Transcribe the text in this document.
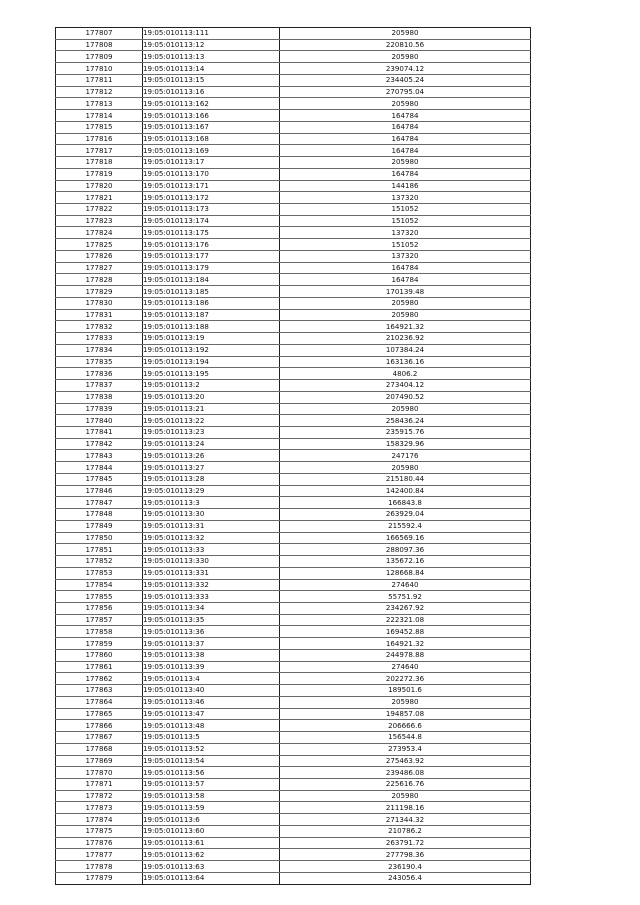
177807	19:05:010113:111	205980
177808	19:05:010113:12	220810.56
177809	19:05:010113:13	205980
177810	19:05:010113:14	239074.12
177811	19:05:010113:15	234405.24
177812	19:05:010113:16	270795.04
177813	19:05:010113:162	205980
177814	19:05:010113:166	164784
177815	19:05:010113:167	164784
177816	19:05:010113:168	164784
177817	19:05:010113:169	164784
177818	19:05:010113:17	205980
177819	19:05:010113:170	164784
177820	19:05:010113:171	144186
177821	19:05:010113:172	137320
177822	19:05:010113:173	151052
177823	19:05:010113:174	151052
177824	19:05:010113:175	137320
177825	19:05:010113:176	151052
177826	19:05:010113:177	137320
177827	19:05:010113:179	164784
177828	19:05:010113:184	164784
177829	19:05:010113:185	170139.48
177830	19:05:010113:186	205980
177831	19:05:010113:187	205980
177832	19:05:010113:188	164921.32
177833	19:05:010113:19	210236.92
177834	19:05:010113:192	107384.24
177835	19:05:010113:194	163136.16
177836	19:05:010113:195	4806.2
177837	19:05:010113:2	273404.12
177838	19:05:010113:20	207490.52
177839	19:05:010113:21	205980
177840	19:05:010113:22	258436.24
177841	19:05:010113:23	235915.76
177842	19:05:010113:24	158329.96
177843	19:05:010113:26	247176
177844	19:05:010113:27	205980
177845	19:05:010113:28	215180.44
177846	19:05:010113:29	142400.84
177847	19:05:010113:3	166843.8
177848	19:05:010113:30	263929.04
177849	19:05:010113:31	215592.4
177850	19:05:010113:32	166569.16
177851	19:05:010113:33	288097.36
177852	19:05:010113:330	135672.16
177853	19:05:010113:331	128668.84
177854	19:05:010113:332	274640
177855	19:05:010113:333	55751.92
177856	19:05:010113:34	234267.92
177857	19:05:010113:35	222321.08
177858	19:05:010113:36	169452.88
177859	19:05:010113:37	164921.32
177860	19:05:010113:38	244978.88
177861	19:05:010113:39	274640
177862	19:05:010113:4	202272.36
177863	19:05:010113:40	189501.6
177864	19:05:010113:46	205980
177865	19:05:010113:47	194857.08
177866	19:05:010113:48	206666.6
177867	19:05:010113:5	156544.8
177868	19:05:010113:52	273953.4
177869	19:05:010113:54	275463.92
177870	19:05:010113:56	239486.08
177871	19:05:010113:57	225616.76
177872	19:05:010113:58	205980
177873	19:05:010113:59	211198.16
177874	19:05:010113:6	271344.32
177875	19:05:010113:60	210786.2
177876	19:05:010113:61	263791.72
177877	19:05:010113:62	277798.36
177878	19:05:010113:63	236190.4
177879	19:05:010113:64	243056.4
